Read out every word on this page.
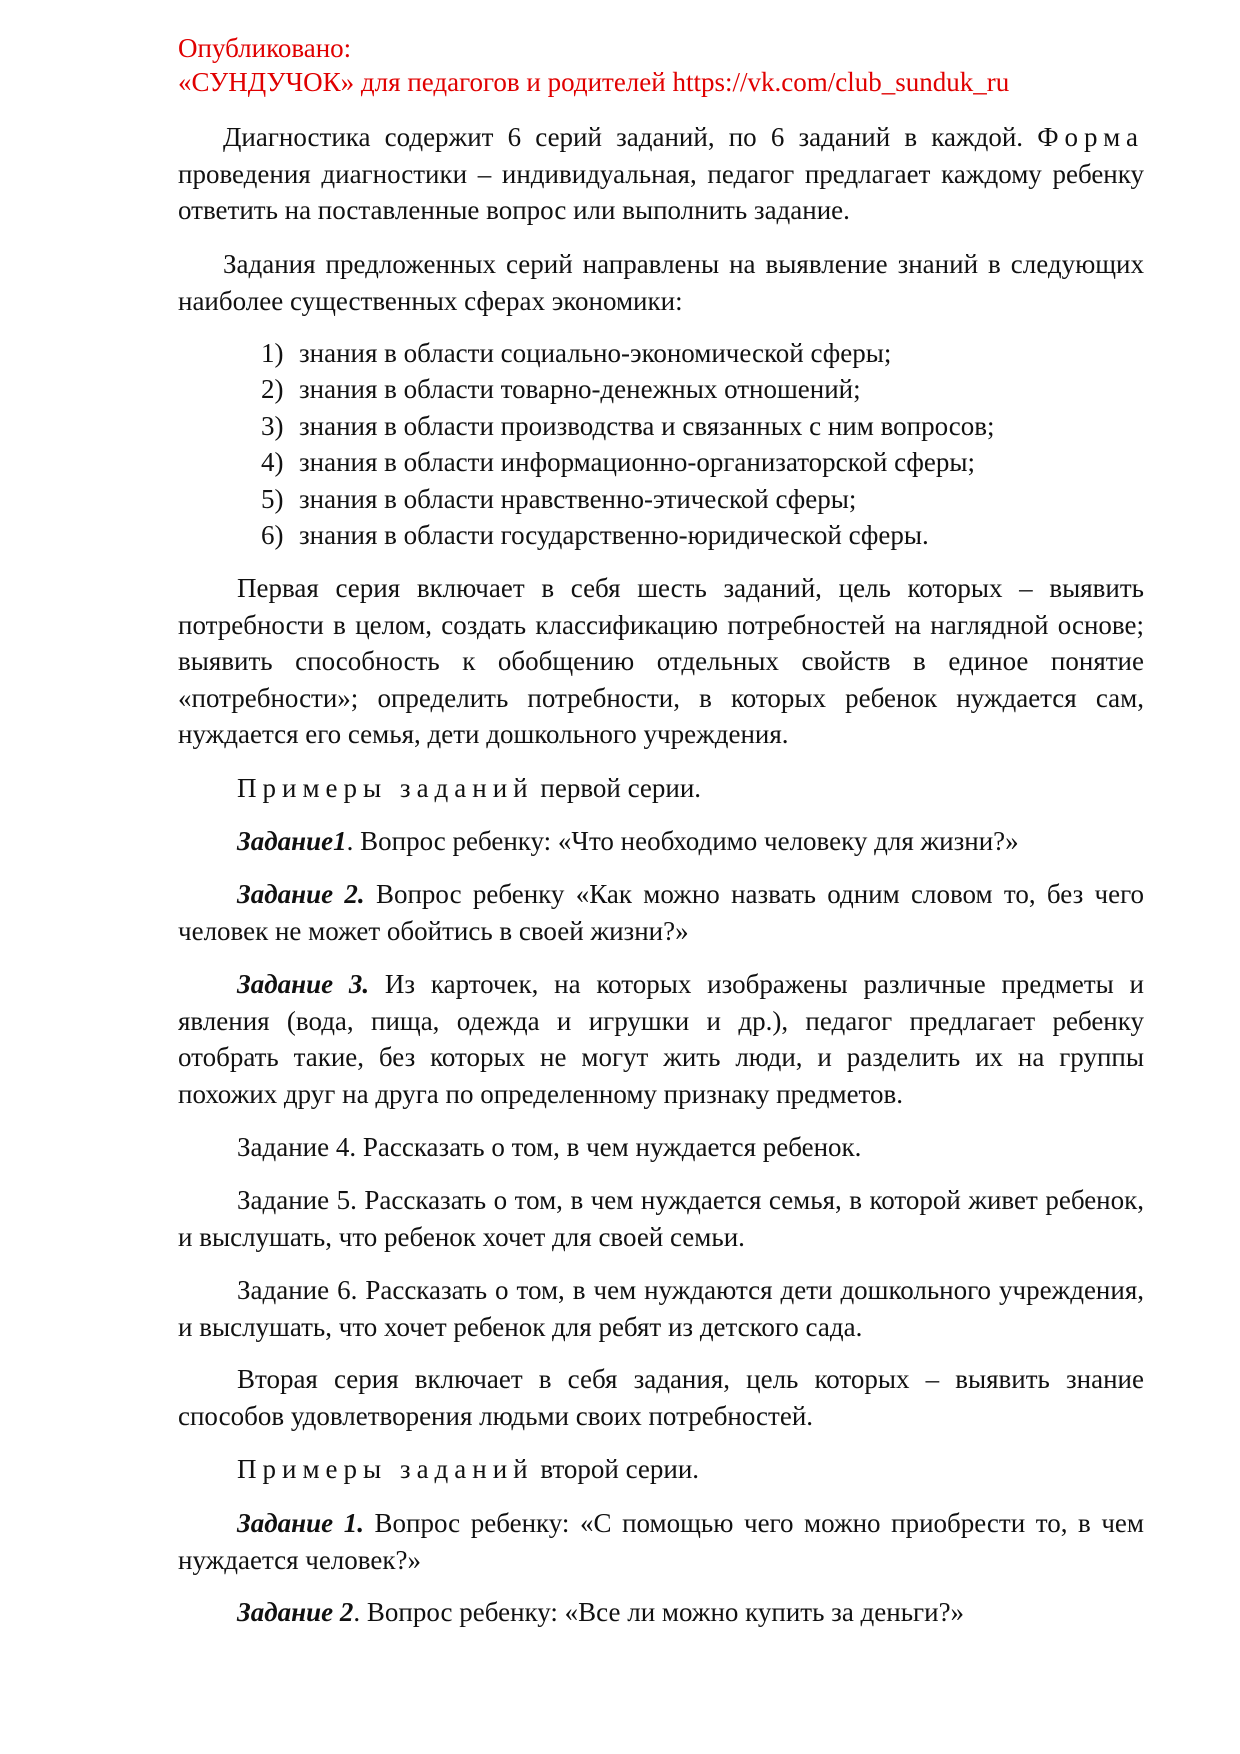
Опубликовано:
«СУНДУЧОК» для педагогов и родителей https://vk.com/club_sunduk_ru

Диагностика содержит 6 серий заданий, по 6 заданий в каждой. Форма проведения диагностики – индивидуальная, педагог предлагает каждому ребенку ответить на поставленные вопрос или выполнить задание.

Задания предложенных серий направлены на выявление знаний в следующих наиболее существенных сферах экономики:

1) знания в области социально-экономической сферы;
2) знания в области товарно-денежных отношений;
3) знания в области производства и связанных с ним вопросов;
4) знания в области информационно-организаторской сферы;
5) знания в области нравственно-этической сферы;
6) знания в области государственно-юридической сферы.

Первая серия включает в себя шесть заданий, цель которых – выявить потребности в целом, создать классификацию потребностей на наглядной основе; выявить способность к обобщению отдельных свойств в единое понятие «потребности»; определить потребности, в которых ребенок нуждается сам, нуждается его семья, дети дошкольного учреждения.

Примеры заданий первой серии.

Задание1. Вопрос ребенку: «Что необходимо человеку для жизни?»

Задание 2. Вопрос ребенку «Как можно назвать одним словом то, без чего человек не может обойтись в своей жизни?»

Задание 3. Из карточек, на которых изображены различные предметы и явления (вода, пища, одежда и игрушки и др.), педагог предлагает ребенку отобрать такие, без которых не могут жить люди, и разделить их на группы похожих друг на друга по определенному признаку предметов.

Задание 4. Рассказать о том, в чем нуждается ребенок.

Задание 5. Рассказать о том, в чем нуждается семья, в которой живет ребенок, и выслушать, что ребенок хочет для своей семьи.

Задание 6. Рассказать о том, в чем нуждаются дети дошкольного учреждения, и выслушать, что хочет ребенок для ребят из детского сада.

Вторая серия включает в себя задания, цель которых – выявить знание способов удовлетворения людьми своих потребностей.

Примеры заданий второй серии.

Задание 1. Вопрос ребенку: «С помощью чего можно приобрести то, в чем нуждается человек?»

Задание 2. Вопрос ребенку: «Все ли можно купить за деньги?»
